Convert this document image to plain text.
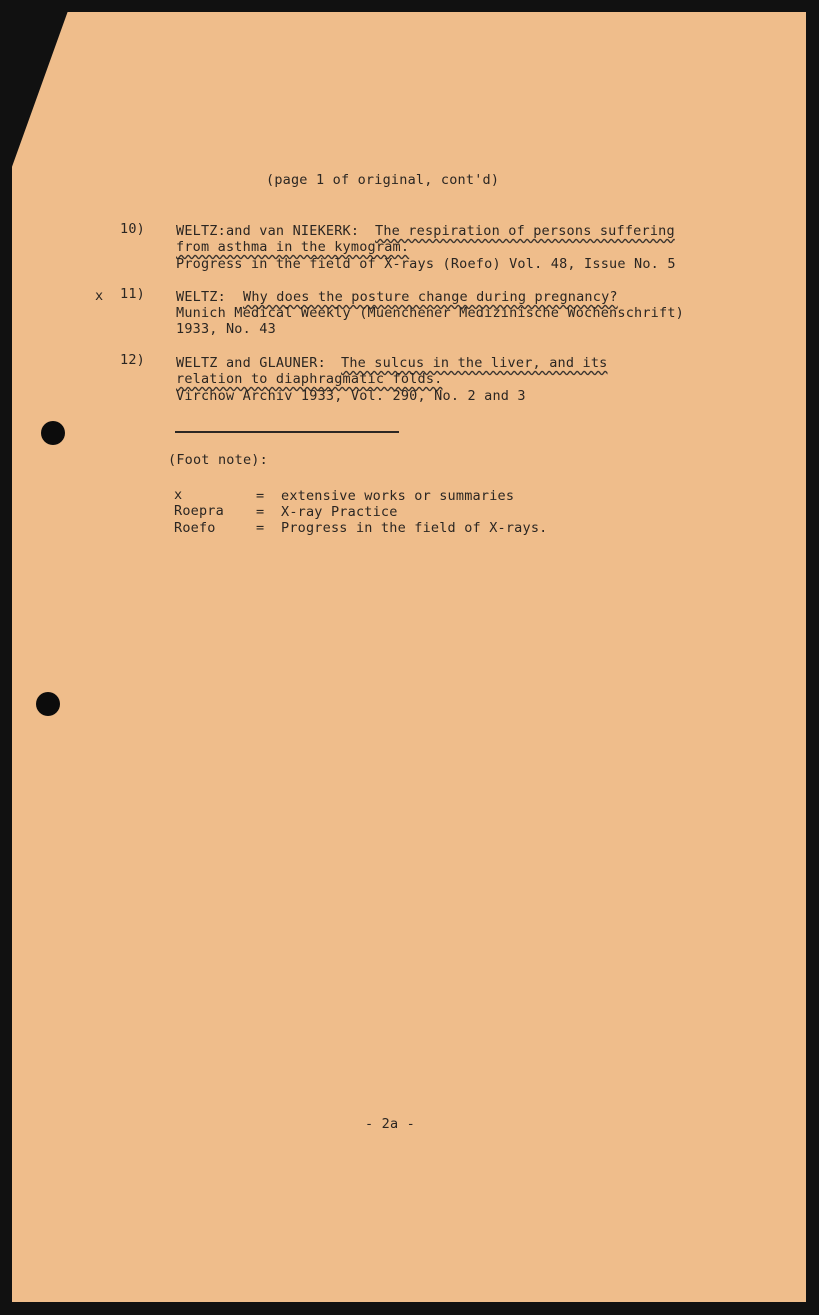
(page 1 of original, cont'd)
10) WELTZ:and van NIEKERK: The respiration of persons suffering
from asthma in the kymogram.
Progress in the field of X-rays (Roefo) Vol. 48, Issue No. 5
x 11) WELTZ: Why does the posture change during pregnancy?
Munich Medical Weekly (Muenchener Medizinische Wochenschrift)
1933, No. 43
12) WELTZ and GLAUNER: The sulcus in the liver, and its
relation to diaphragmatic folds.
Virchow Archiv 1933, Vol. 290, No. 2 and 3
(Foot note):
x	= extensive works or summaries
Roepra = X-ray Practice
Roefo	= Progress in the field of X-rays.
- 2a -
